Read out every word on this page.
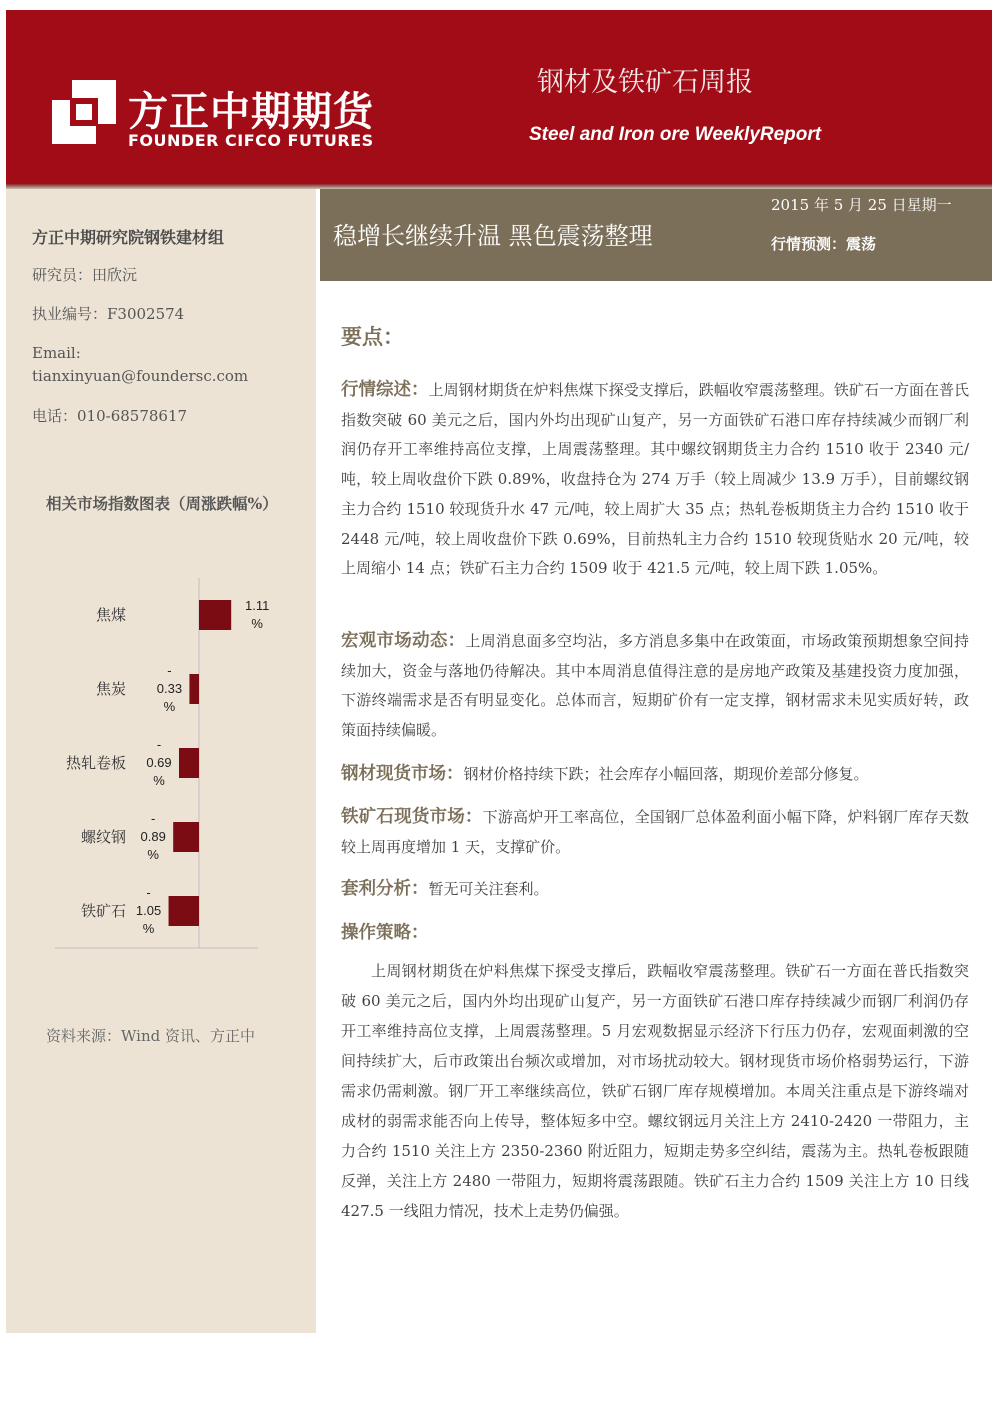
方正中期期货
FOUNDER CIFCO FUTURES
钢材及铁矿石周报
Steel and Iron ore WeeklyReport
方正中期研究院钢铁建材组
研究员：田欣沅
执业编号：F3002574
Email:
tianxinyuan@foundersc.com
电话：010-68578617
相关市场指数图表（周涨跌幅%）
焦煤
1.11 %
焦炭
-0.33 %
热轧卷板
-0.69 %
螺纹钢
-0.89 %
铁矿石
-1.05 %
资料来源：Wind 资讯、方正中
稳增长继续升温 黑色震荡整理
2015 年 5 月 25 日星期一
行情预测：震荡
要点：
行情综述：上周钢材期货在炉料焦煤下探受支撑后，跌幅收窄震荡整理。铁矿石一方面在普氏指数突破 60 美元之后，国内外均出现矿山复产，另一方面铁矿石港口库存持续减少而钢厂利润仍存开工率维持高位支撑，上周震荡整理。其中螺纹钢期货主力合约 1510 收于 2340 元/吨，较上周收盘价下跌 0.89%，收盘持仓为 274 万手（较上周减少 13.9 万手），目前螺纹钢主力合约 1510 较现货升水 47 元/吨，较上周扩大 35 点；热轧卷板期货主力合约 1510 收于 2448 元/吨，较上周收盘价下跌 0.69%，目前热轧主力合约 1510 较现货贴水 20 元/吨，较上周缩小 14 点；铁矿石主力合约 1509 收于 421.5 元/吨，较上周下跌 1.05%。
宏观市场动态：上周消息面多空均沾，多方消息多集中在政策面，市场政策预期想象空间持续加大，资金与落地仍待解决。其中本周消息值得注意的是房地产政策及基建投资力度加强，下游终端需求是否有明显变化。总体而言，短期矿价有一定支撑，钢材需求未见实质好转，政策面持续偏暖。
钢材现货市场：钢材价格持续下跌；社会库存小幅回落，期现价差部分修复。
铁矿石现货市场：下游高炉开工率高位，全国钢厂总体盈利面小幅下降，炉料钢厂库存天数较上周再度增加 1 天，支撑矿价。
套利分析：暂无可关注套利。
操作策略：
上周钢材期货在炉料焦煤下探受支撑后，跌幅收窄震荡整理。铁矿石一方面在普氏指数突破 60 美元之后，国内外均出现矿山复产，另一方面铁矿石港口库存持续减少而钢厂利润仍存开工率维持高位支撑，上周震荡整理。5 月宏观数据显示经济下行压力仍存，宏观面刺激的空间持续扩大，后市政策出台频次或增加，对市场扰动较大。钢材现货市场价格弱势运行，下游需求仍需刺激。钢厂开工率继续高位，铁矿石钢厂库存规模增加。本周关注重点是下游终端对成材的弱需求能否向上传导，整体短多中空。螺纹钢远月关注上方 2410-2420 一带阻力，主力合约 1510 关注上方 2350-2360 附近阻力，短期走势多空纠结，震荡为主。热轧卷板跟随反弹，关注上方 2480 一带阻力，短期将震荡跟随。铁矿石主力合约 1509 关注上方 10 日线 427.5 一线阻力情况，技术上走势仍偏强。
